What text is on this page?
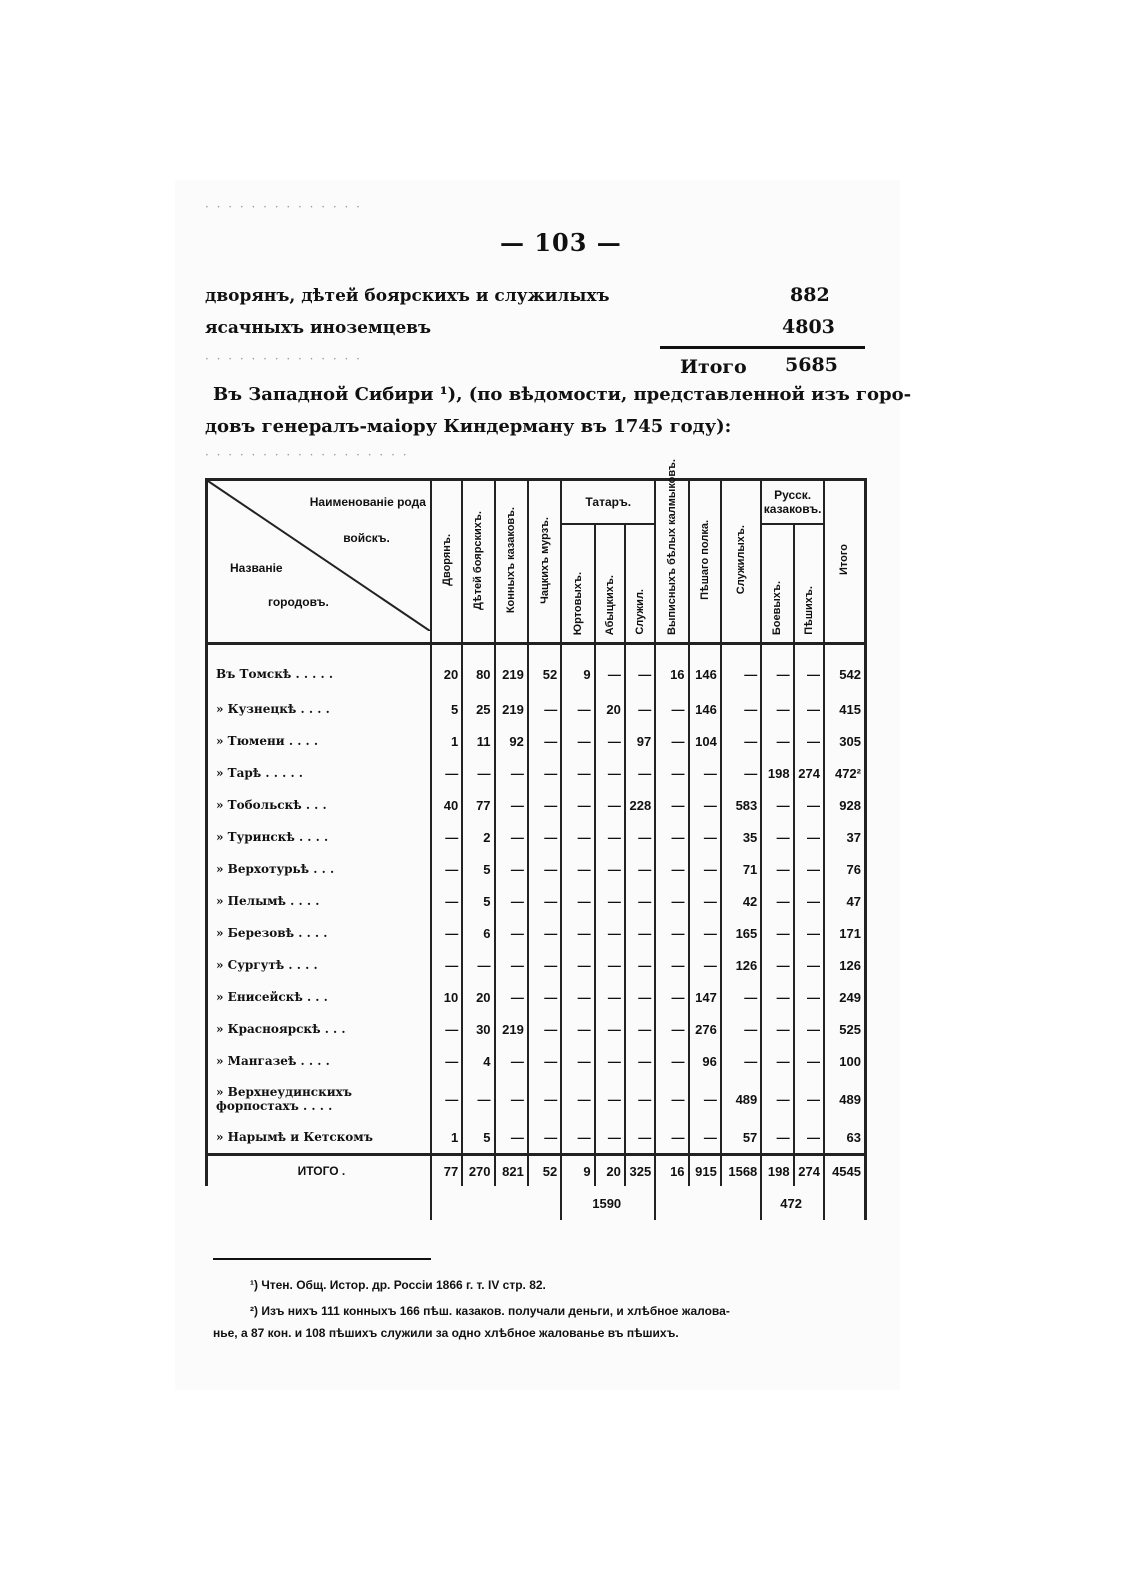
· · · · · · · · · · · · · ·
— 103 —
дворянъ, дѣтей боярскихъ и служилыхъ	882
ясачныхъ иноземцевъ	4803
· · · · · · · · · · · · · ·	Итого 5685
Въ Западной Сибири ¹), (по вѣдомости, представленной изъ горо-
довъ генералъ-маіору Киндерману въ 1745 году):
· · · · · · · · · · · · · · · · · ·
Наименованіе рода
войскъ.
Названіе
городовъ.	Дворянъ.	Дѣтей боярскихъ.	Конныхъ казаковъ.	Чацкихъ мурзъ.	Татаръ.			Выписныхъ бѣлых калмыковъ.	Пѣшаго полка.	Служилыхъ.	Русск. казаковъ.		Итого
					Юртовыхъ.	Абыцкихъ.	Служил.				Боевыхъ.	Пѣшихъ.	
Въ Томскѣ . . . . .	20	80	219	52	9	—	—	16	146	—	—	—	542
» Кузнецкѣ . . . .	5	25	219	—	—	20	—	—	146	—	—	—	415
» Тюмени . . . .	1	11	92	—	—	—	97	—	104	—	—	—	305
» Тарѣ . . . . .	—	—	—	—	—	—	—	—	—	—	198	274	472²
» Тобольскѣ . . .	40	77	—	—	—	—	228	—	—	583	—	—	928
» Туринскѣ . . . .	—	2	—	—	—	—	—	—	—	35	—	—	37
» Верхотурьѣ . . .	—	5	—	—	—	—	—	—	—	71	—	—	76
» Пелымѣ . . . .	—	5	—	—	—	—	—	—	—	42	—	—	47
» Березовѣ . . . .	—	6	—	—	—	—	—	—	—	165	—	—	171
» Сургутѣ . . . .	—	—	—	—	—	—	—	—	—	126	—	—	126
» Енисейскѣ . . .	10	20	—	—	—	—	—	—	147	—	—	—	249
» Красноярскѣ . . .	—	30	219	—	—	—	—	—	276	—	—	—	525
» Мангазеѣ . . . .	—	4	—	—	—	—	—	—	96	—	—	—	100
» Верхнеудинскихъ форпостахъ . . . .	—	—	—	—	—	—	—	—	—	489	—	—	489
» Нарымѣ и Кетскомъ	1	5	—	—	—	—	—	—	—	57	—	—	63
ИТОГО .	77	270	821	52	9	20	325	16	915	1568	198	274	4545
					1590						472		
¹) Чтен. Общ. Истор. др. Россіи 1866 г. т. IV стр. 82.
²) Изъ нихъ 111 конныхъ 166 пѣш. казаков. получали деньги, и хлѣбное жалова-
нье, а 87 кон. и 108 пѣшихъ служили за одно хлѣбное жалованье въ пѣшихъ.
